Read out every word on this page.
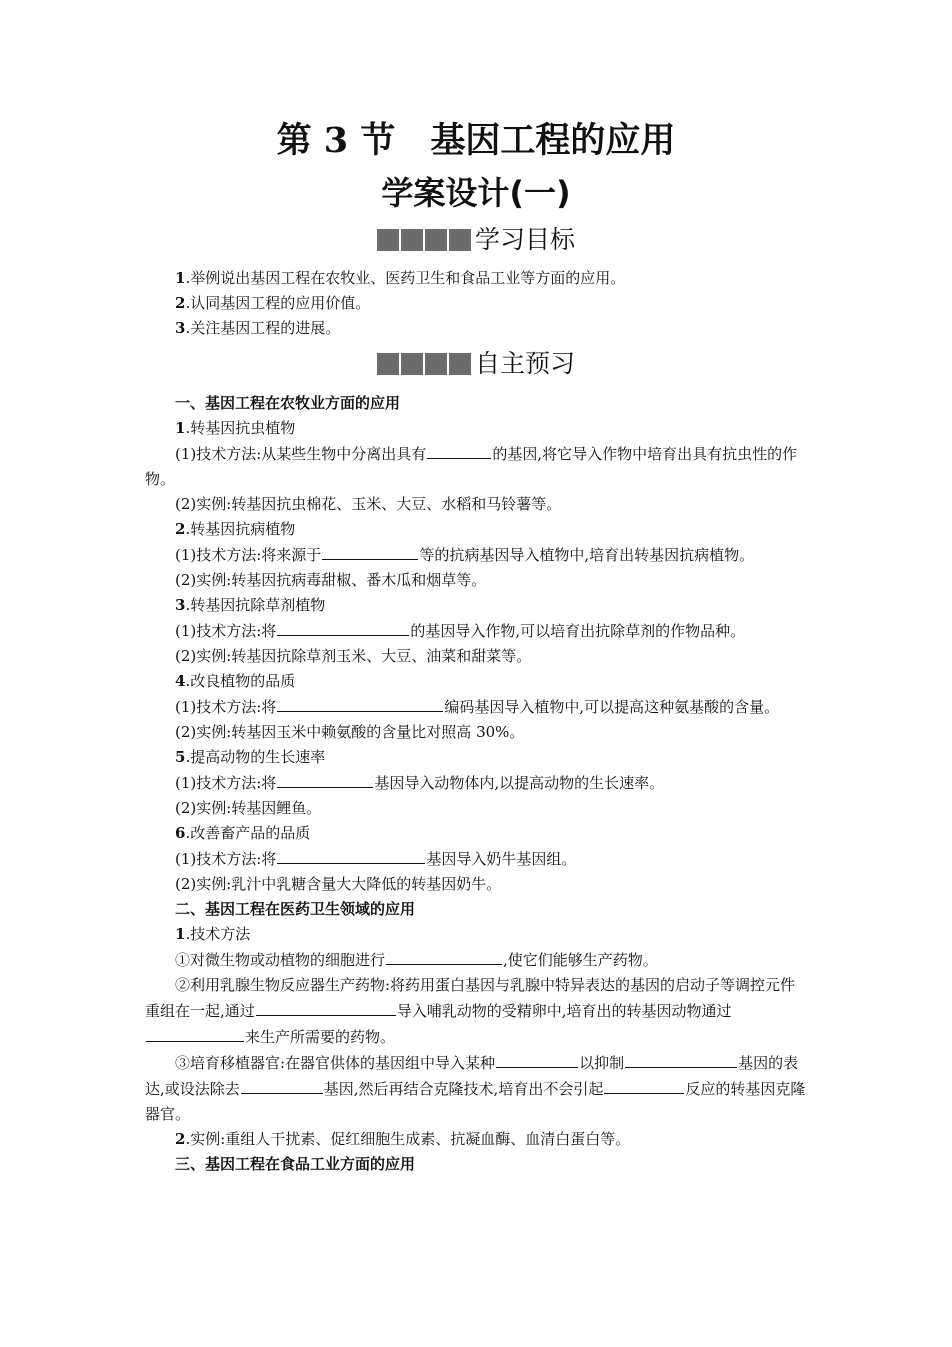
第 3 节　基因工程的应用
学案设计(一)
学习目标
自主预习

1.举例说出基因工程在农牧业、医药卫生和食品工业等方面的应用。

2.认同基因工程的应用价值。

3.关注基因工程的进展。

一、基因工程在农牧业方面的应用

1.转基因抗虫植物

(1)技术方法:从某些生物中分离出具有	的基因,将它导入作物中培育出具有抗虫性的作物。

(2)实例:转基因抗虫棉花、玉米、大豆、水稻和马铃薯等。

2.转基因抗病植物

(1)技术方法:将来源于	等的抗病基因导入植物中,培育出转基因抗病植物。

(2)实例:转基因抗病毒甜椒、番木瓜和烟草等。

3.转基因抗除草剂植物

(1)技术方法:将	的基因导入作物,可以培育出抗除草剂的作物品种。

(2)实例:转基因抗除草剂玉米、大豆、油菜和甜菜等。

4.改良植物的品质

(1)技术方法:将	编码基因导入植物中,可以提高这种氨基酸的含量。

(2)实例:转基因玉米中赖氨酸的含量比对照高 30%。

5.提高动物的生长速率

(1)技术方法:将	基因导入动物体内,以提高动物的生长速率。

(2)实例:转基因鲤鱼。

6.改善畜产品的品质

(1)技术方法:将	基因导入奶牛基因组。

(2)实例:乳汁中乳糖含量大大降低的转基因奶牛。

二、基因工程在医药卫生领域的应用

1.技术方法

①对微生物或动植物的细胞进行	,使它们能够生产药物。

②利用乳腺生物反应器生产药物:将药用蛋白基因与乳腺中特异表达的基因的启动子等调控元件重组在一起,通过	导入哺乳动物的受精卵中,培育出的转基因动物通过来生产所需要的药物。

③培育移植器官:在器官供体的基因组中导入某种	以抑制	基因的表达,或设法除去	基因,然后再结合克隆技术,培育出不会引起	反应的转基因克隆器官。

2.实例:重组人干扰素、促红细胞生成素、抗凝血酶、血清白蛋白等。

三、基因工程在食品工业方面的应用
